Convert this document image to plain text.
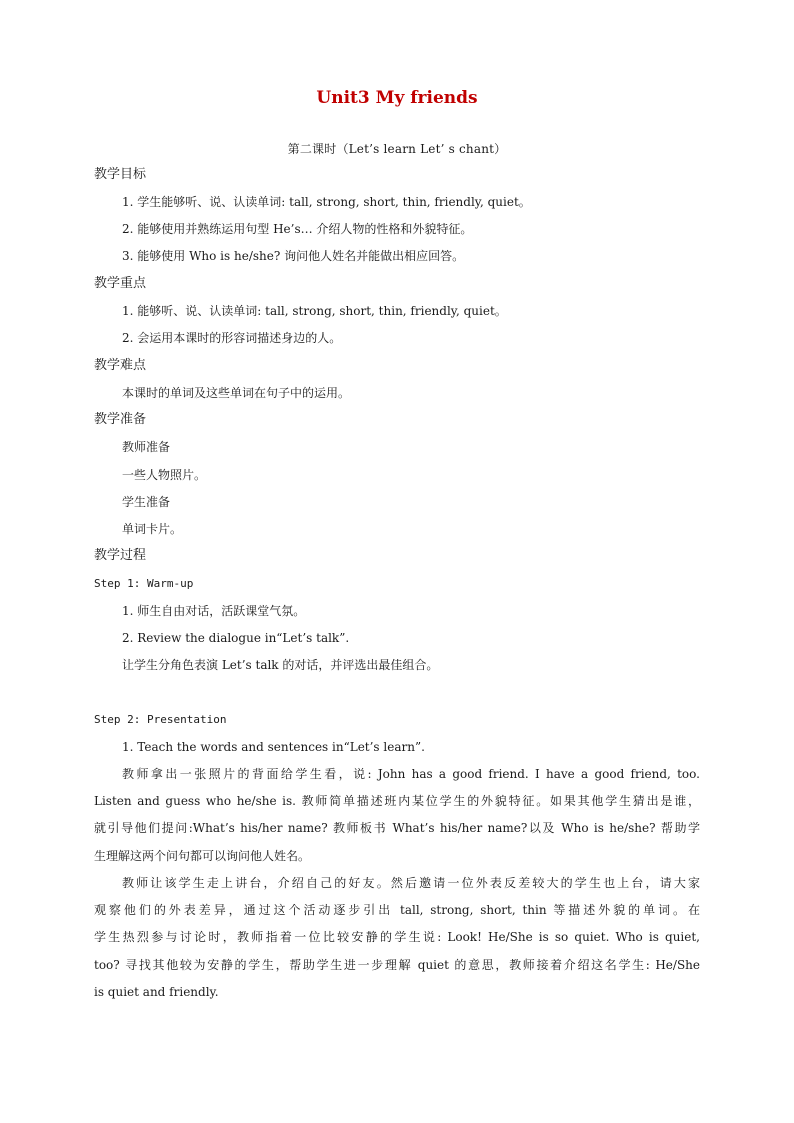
Unit3 My friends
第二课时（Let’s learn Let’ s chant）
教学目标
1. 学生能够听、说、认读单词: tall, strong, short, thin, friendly, quiet。
2. 能够使用并熟练运用句型 He’s… 介绍人物的性格和外貌特征。
3. 能够使用 Who is he/she? 询问他人姓名并能做出相应回答。
教学重点
1. 能够听、说、认读单词: tall, strong, short, thin, friendly, quiet。
2. 会运用本课时的形容词描述身边的人。
教学难点
本课时的单词及这些单词在句子中的运用。
教学准备
教师准备
一些人物照片。
学生准备
单词卡片。
教学过程
Step 1: Warm-up
1. 师生自由对话，活跃课堂气氛。
2. Review the dialogue in“Let’s talk”.
让学生分角色表演 Let’s talk 的对话，并评选出最佳组合。
Step 2: Presentation
1. Teach the words and sentences in“Let’s learn”.
教师拿出一张照片的背面给学生看，说: John has a good friend. I have a good friend, too.
Listen and guess who he/she is. 教师简单描述班内某位学生的外貌特征。如果其他学生猜出是谁，
就引导他们提问:What’s his/her name? 教师板书 What’s his/her name?以及 Who is he/she? 帮助学
生理解这两个问句都可以询问他人姓名。
教师让该学生走上讲台，介绍自己的好友。然后邀请一位外表反差较大的学生也上台，请大家
观察他们的外表差异，通过这个活动逐步引出 tall, strong, short, thin 等描述外貌的单词。在
学生热烈参与讨论时，教师指着一位比较安静的学生说: Look! He/She is so quiet. Who is quiet,
too? 寻找其他较为安静的学生，帮助学生进一步理解 quiet 的意思，教师接着介绍这名学生: He/She
is quiet and friendly.
